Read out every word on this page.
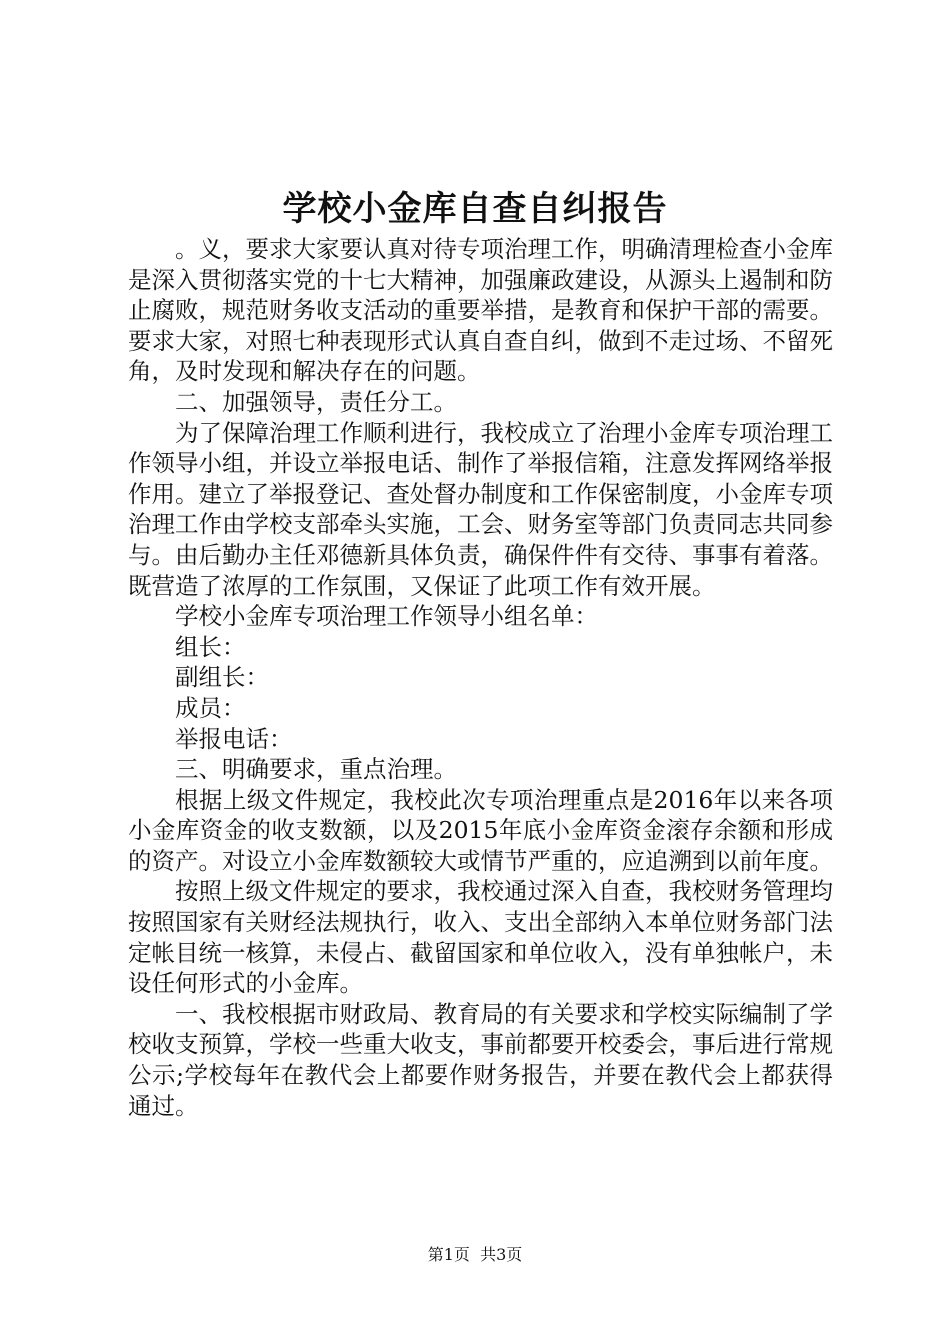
学校小金库自查自纠报告

。义，要求大家要认真对待专项治理工作，明确清理检查小金库是深入贯彻落实党的十七大精神，加强廉政建设，从源头上遏制和防止腐败，规范财务收支活动的重要举措，是教育和保护干部的需要。要求大家，对照七种表现形式认真自查自纠，做到不走过场、不留死角，及时发现和解决存在的问题。

二、加强领导，责任分工。

为了保障治理工作顺利进行，我校成立了治理小金库专项治理工作领导小组，并设立举报电话、制作了举报信箱，注意发挥网络举报作用。建立了举报登记、查处督办制度和工作保密制度，小金库专项治理工作由学校支部牵头实施，工会、财务室等部门负责同志共同参与。由后勤办主任邓德新具体负责，确保件件有交待、事事有着落。既营造了浓厚的工作氛围，又保证了此项工作有效开展。

学校小金库专项治理工作领导小组名单：

组长：

副组长：

成员：

举报电话：

三、明确要求，重点治理。

根据上级文件规定，我校此次专项治理重点是2016年以来各项小金库资金的收支数额，以及2015年底小金库资金滚存余额和形成的资产。对设立小金库数额较大或情节严重的，应追溯到以前年度。

按照上级文件规定的要求，我校通过深入自查，我校财务管理均按照国家有关财经法规执行，收入、支出全部纳入本单位财务部门法定帐目统一核算，未侵占、截留国家和单位收入，没有单独帐户，未设任何形式的小金库。

一、我校根据市财政局、教育局的有关要求和学校实际编制了学校收支预算，学校一些重大收支，事前都要开校委会，事后进行常规公示;学校每年在教代会上都要作财务报告，并要在教代会上都获得通过。

第1页  共3页
